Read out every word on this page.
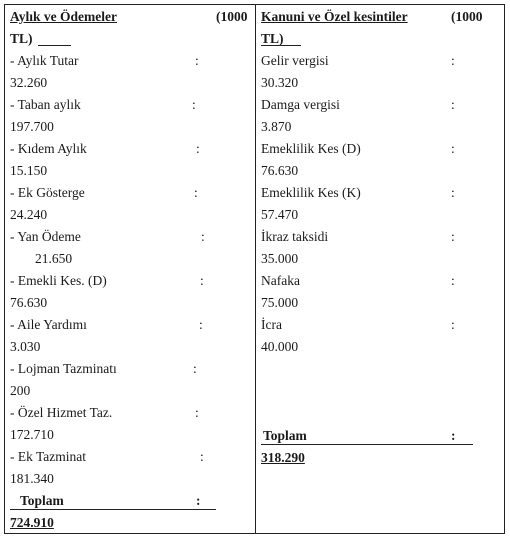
Aylık ve Ödemeler	(1000
TL)
- Aylık Tutar	:
32.260
- Taban aylık	:
197.700
- Kıdem Aylık	:
15.150
- Ek Gösterge	:
24.240
- Yan Ödeme	:
21.650
- Emekli Kes. (D)	:
76.630
- Aile Yardımı	:
3.030
- Lojman Tazminatı	:
200
- Özel Hizmet Taz.	:
172.710
- Ek Tazminat	:
181.340
Toplam	:
724.910
Kanuni ve Özel kesintiler	(1000
TL)
Gelir vergisi	:
30.320
Damga vergisi	:
3.870
Emeklilik Kes (D)	:
76.630
Emeklilik Kes (K)	:
57.470
İkraz taksidi	:
35.000
Nafaka	:
75.000
İcra	:
40.000
Toplam	:
318.290
